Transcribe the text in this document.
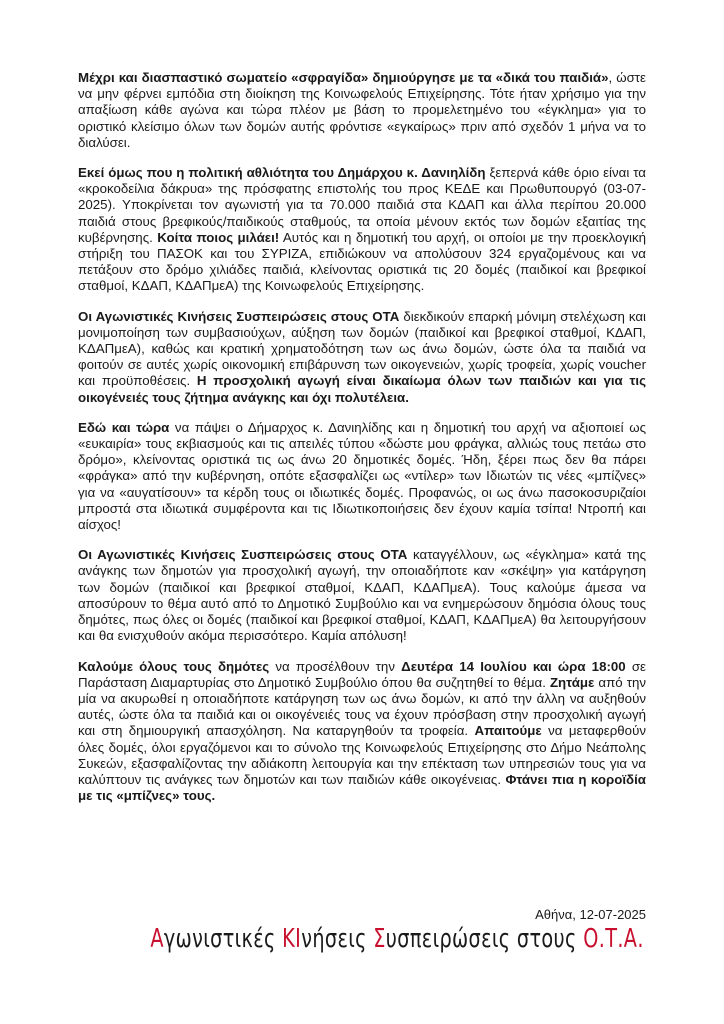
Μέχρι και διασπαστικό σωματείο «σφραγίδα» δημιούργησε με τα «δικά του παιδιά», ώστε να μην φέρνει εμπόδια στη διοίκηση της Κοινωφελούς Επιχείρησης. Τότε ήταν χρήσιμο για την απαξίωση κάθε αγώνα και τώρα πλέον με βάση το προμελετημένο του «έγκλημα» για το οριστικό κλείσιμο όλων των δομών αυτής φρόντισε «εγκαίρως» πριν από σχεδόν 1 μήνα να το διαλύσει.

Εκεί όμως που η πολιτική αθλιότητα του Δημάρχου κ. Δανιηλίδη ξεπερνά κάθε όριο είναι τα «κροκοδείλια δάκρυα» της πρόσφατης επιστολής του προς ΚΕΔΕ και Πρωθυπουργό (03-07-2025). Υποκρίνεται τον αγωνιστή για τα 70.000 παιδιά στα ΚΔΑΠ και άλλα περίπου 20.000 παιδιά στους βρεφικούς/παιδικούς σταθμούς, τα οποία μένουν εκτός των δομών εξαιτίας της κυβέρνησης. Κοίτα ποιος μιλάει! Αυτός και η δημοτική του αρχή, οι οποίοι με την προεκλογική στήριξη του ΠΑΣΟΚ και του ΣΥΡΙΖΑ, επιδιώκουν να απολύσουν 324 εργαζομένους και να πετάξουν στο δρόμο χιλιάδες παιδιά, κλείνοντας οριστικά τις 20 δομές (παιδικοί και βρεφικοί σταθμοί, ΚΔΑΠ, ΚΔΑΠμεΑ) της Κοινωφελούς Επιχείρησης.

Οι Αγωνιστικές Κινήσεις Συσπειρώσεις στους ΟΤΑ διεκδικούν επαρκή μόνιμη στελέχωση και μονιμοποίηση των συμβασιούχων, αύξηση των δομών (παιδικοί και βρεφικοί σταθμοί, ΚΔΑΠ, ΚΔΑΠμεΑ), καθώς και κρατική χρηματοδότηση των ως άνω δομών, ώστε όλα τα παιδιά να φοιτούν σε αυτές χωρίς οικονομική επιβάρυνση των οικογενειών, χωρίς τροφεία, χωρίς voucher και προϋποθέσεις. Η προσχολική αγωγή είναι δικαίωμα όλων των παιδιών και για τις οικογένειές τους ζήτημα ανάγκης και όχι πολυτέλεια.

Εδώ και τώρα να πάψει ο Δήμαρχος κ. Δανιηλίδης και η δημοτική του αρχή να αξιοποιεί ως «ευκαιρία» τους εκβιασμούς και τις απειλές τύπου «δώστε μου φράγκα, αλλιώς τους πετάω στο δρόμο», κλείνοντας οριστικά τις ως άνω 20 δημοτικές δομές. Ήδη, ξέρει πως δεν θα πάρει «φράγκα» από την κυβέρνηση, οπότε εξασφαλίζει ως «ντίλερ» των Ιδιωτών τις νέες «μπίζνες» για να «αυγατίσουν» τα κέρδη τους οι ιδιωτικές δομές. Προφανώς, οι ως άνω πασοκοσυριζαίοι μπροστά στα ιδιωτικά συμφέροντα και τις Ιδιωτικοποιήσεις δεν έχουν καμία τσίπα! Ντροπή και αίσχος!

Οι Αγωνιστικές Κινήσεις Συσπειρώσεις στους ΟΤΑ καταγγέλλουν, ως «έγκλημα» κατά της ανάγκης των δημοτών για προσχολική αγωγή, την οποιαδήποτε καν «σκέψη» για κατάργηση των δομών (παιδικοί και βρεφικοί σταθμοί, ΚΔΑΠ, ΚΔΑΠμεΑ). Τους καλούμε άμεσα να αποσύρουν το θέμα αυτό από το Δημοτικό Συμβούλιο και να ενημερώσουν δημόσια όλους τους δημότες, πως όλες οι δομές (παιδικοί και βρεφικοί σταθμοί, ΚΔΑΠ, ΚΔΑΠμεΑ) θα λειτουργήσουν και θα ενισχυθούν ακόμα περισσότερο. Καμία απόλυση!

Καλούμε όλους τους δημότες να προσέλθουν την Δευτέρα 14 Ιουλίου και ώρα 18:00 σε Παράσταση Διαμαρτυρίας στο Δημοτικό Συμβούλιο όπου θα συζητηθεί το θέμα. Ζητάμε από την μία να ακυρωθεί η οποιαδήποτε κατάργηση των ως άνω δομών, κι από την άλλη να αυξηθούν αυτές, ώστε όλα τα παιδιά και οι οικογένειές τους να έχουν πρόσβαση στην προσχολική αγωγή και στη δημιουργική απασχόληση. Να καταργηθούν τα τροφεία. Απαιτούμε να μεταφερθούν όλες δομές, όλοι εργαζόμενοι και το σύνολο της Κοινωφελούς Επιχείρησης στο Δήμο Νεάπολης Συκεών, εξασφαλίζοντας την αδιάκοπη λειτουργία και την επέκταση των υπηρεσιών τους για να καλύπτουν τις ανάγκες των δημοτών και των παιδιών κάθε οικογένειας. Φτάνει πια η κοροϊδία με τις «μπίζνες» τους.

Αθήνα, 12-07-2025
Αγωνιστικές ΚΙνήσεις Συσπειρώσεις στους Ο.Τ.Α.
